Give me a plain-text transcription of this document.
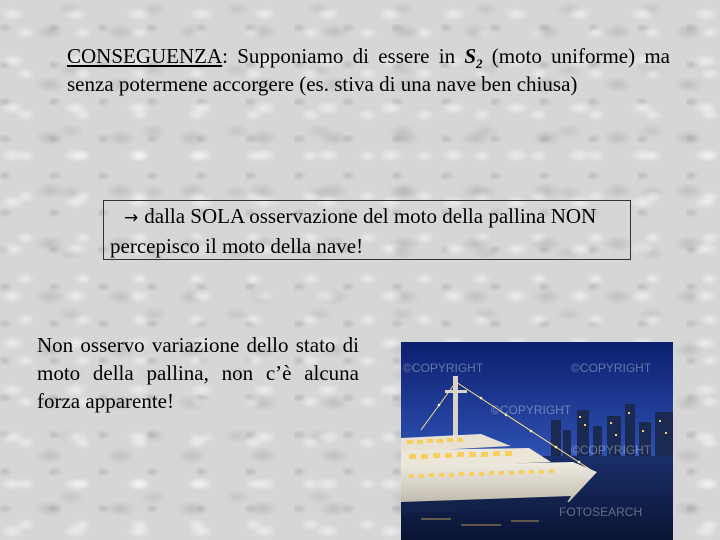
CONSEGUENZA: Supponiamo di essere in $S_2$ (moto uniforme) ma senza potermene accorgere (es. stiva di una nave ben chiusa)

→ dalla SOLA osservazione del moto della pallina NON percepisco il moto della nave!

Non osservo variazione dello stato di moto della pallina, non c’è alcuna forza apparente!

©COPYRIGHT	©COPYRIGHT
©COPYRIGHT
©COPYRIGHT
FOTOSEARCH
